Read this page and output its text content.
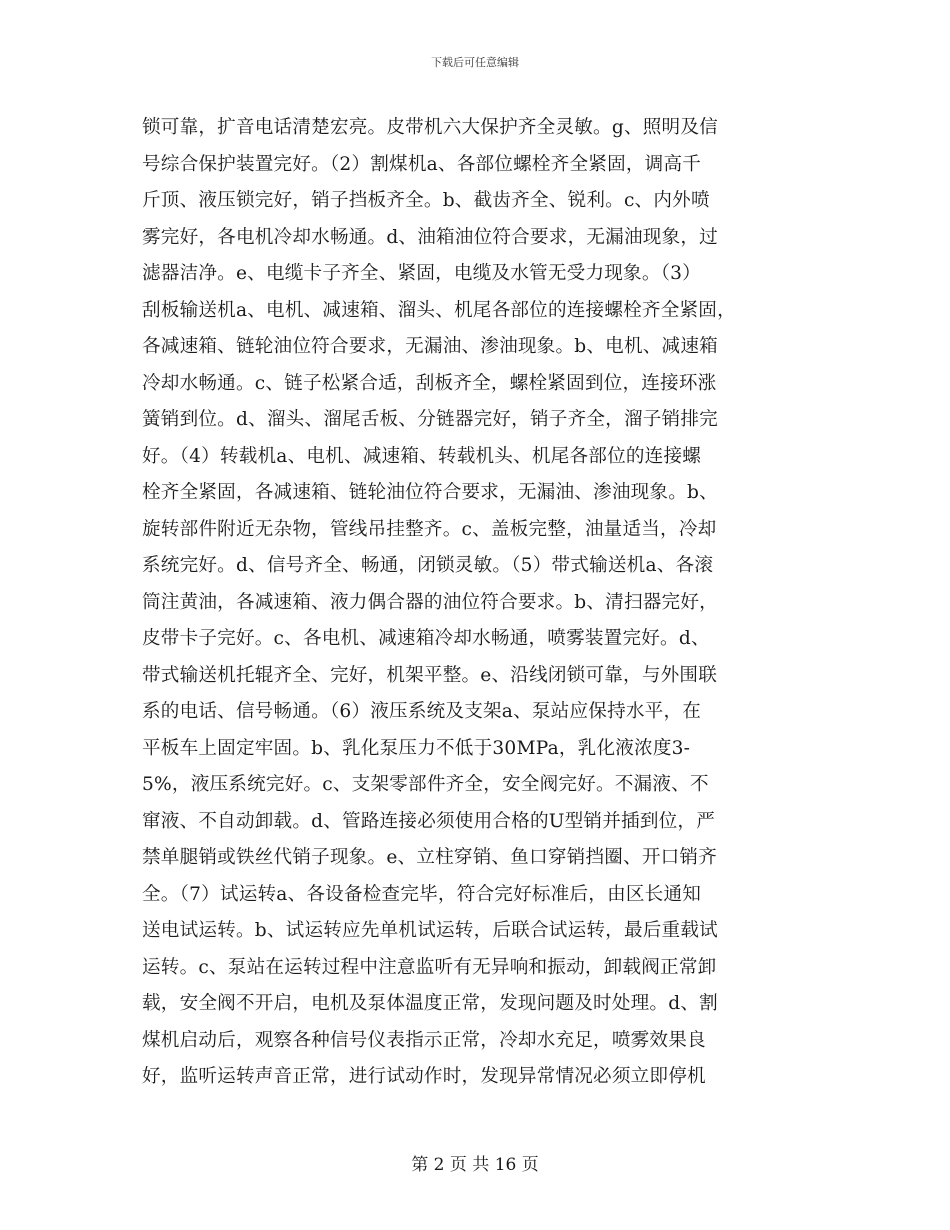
下载后可任意编辑
锁可靠，扩音电话清楚宏亮。皮带机六大保护齐全灵敏。g、照明及信
号综合保护装置完好。（2）割煤机a、各部位螺栓齐全紧固，调高千
斤顶、液压锁完好，销子挡板齐全。b、截齿齐全、锐利。c、内外喷
雾完好，各电机冷却水畅通。d、油箱油位符合要求，无漏油现象，过
滤器洁净。e、电缆卡子齐全、紧固，电缆及水管无受力现象。（3）
刮板输送机a、电机、减速箱、溜头、机尾各部位的连接螺栓齐全紧固，
各减速箱、链轮油位符合要求，无漏油、渗油现象。b、电机、减速箱
冷却水畅通。c、链子松紧合适，刮板齐全，螺栓紧固到位，连接环涨
簧销到位。d、溜头、溜尾舌板、分链器完好，销子齐全，溜子销排完
好。（4）转载机a、电机、减速箱、转载机头、机尾各部位的连接螺
栓齐全紧固，各减速箱、链轮油位符合要求，无漏油、渗油现象。b、
旋转部件附近无杂物，管线吊挂整齐。c、盖板完整，油量适当，冷却
系统完好。d、信号齐全、畅通，闭锁灵敏。（5）带式输送机a、各滚
筒注黄油，各减速箱、液力偶合器的油位符合要求。b、清扫器完好，
皮带卡子完好。c、各电机、减速箱冷却水畅通，喷雾装置完好。d、
带式输送机托辊齐全、完好，机架平整。e、沿线闭锁可靠，与外围联
系的电话、信号畅通。（6）液压系统及支架a、泵站应保持水平，在
平板车上固定牢固。b、乳化泵压力不低于30MPa，乳化液浓度3-
5%，液压系统完好。c、支架零部件齐全，安全阀完好。不漏液、不
窜液、不自动卸载。d、管路连接必须使用合格的U型销并插到位，严
禁单腿销或铁丝代销子现象。e、立柱穿销、鱼口穿销挡圈、开口销齐
全。（7）试运转a、各设备检查完毕，符合完好标准后，由区长通知
送电试运转。b、试运转应先单机试运转，后联合试运转，最后重载试
运转。c、泵站在运转过程中注意监听有无异响和振动，卸载阀正常卸
载，安全阀不开启，电机及泵体温度正常，发现问题及时处理。d、割
煤机启动后，观察各种信号仪表指示正常，冷却水充足，喷雾效果良
好，监听运转声音正常，进行试动作时，发现异常情况必须立即停机
第 2 页 共 16 页
